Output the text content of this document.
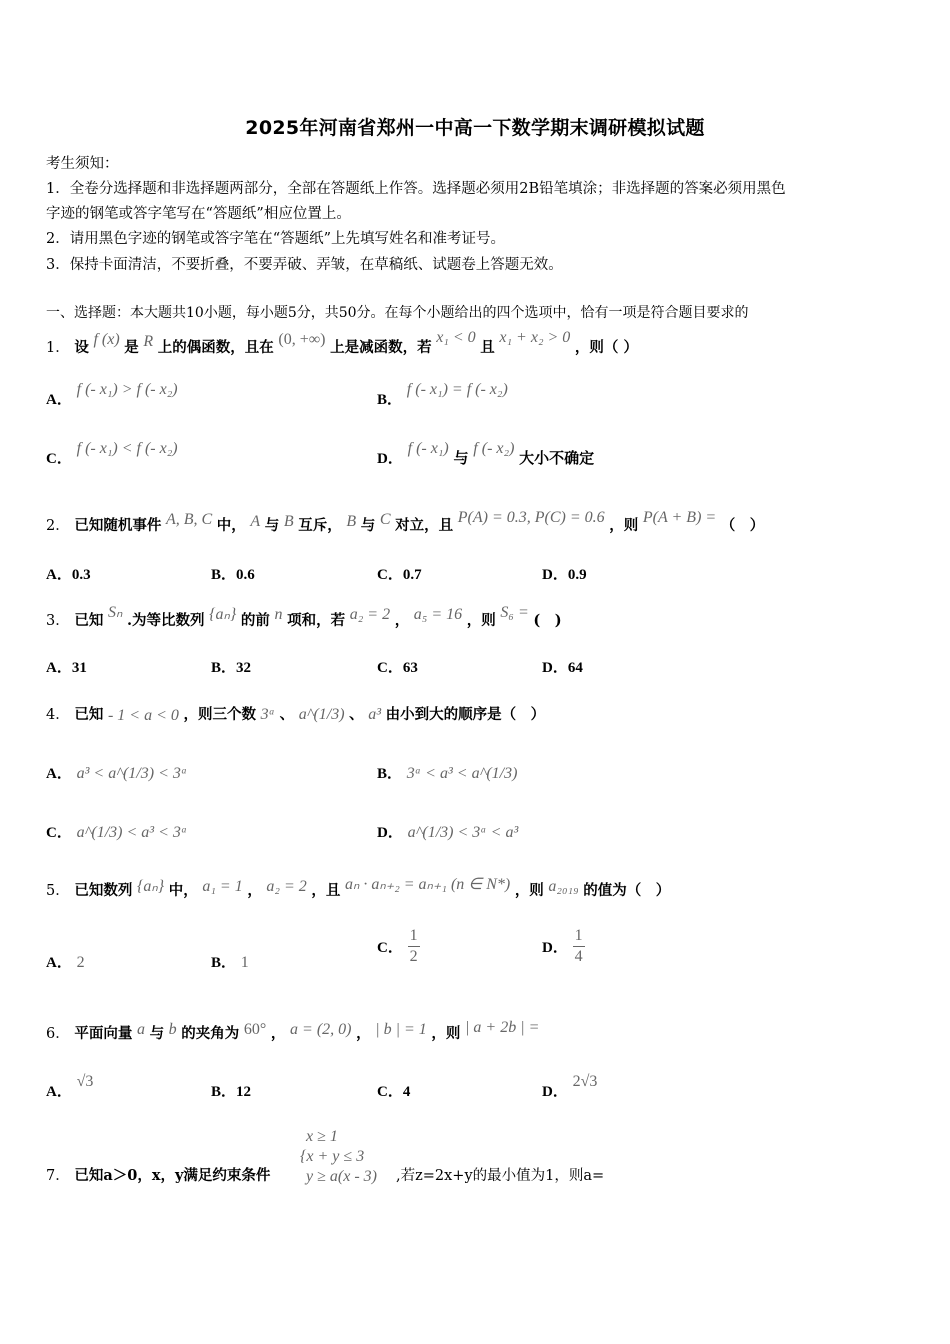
2025年河南省郑州一中高一下数学期末调研模拟试题
考生须知：
1．全卷分选择题和非选择题两部分，全部在答题纸上作答。选择题必须用2B铅笔填涂；非选择题的答案必须用黑色
字迹的钢笔或答字笔写在“答题纸”相应位置上。
2．请用黑色字迹的钢笔或答字笔在“答题纸”上先填写姓名和准考证号。
3．保持卡面清洁，不要折叠，不要弄破、弄皱，在草稿纸、试题卷上答题无效。
一、选择题：本大题共10小题，每小题5分，共50分。在每个小题给出的四个选项中，恰有一项是符合题目要求的
1． 设 f (x) 是 R 上的偶函数，且在 (0, +∞) 上是减函数，若 x₁ < 0 且 x₁ + x₂ > 0 ，则（ ）
A． f (- x₁) > f (- x₂)
B． f (- x₁) = f (- x₂)
C． f (- x₁) < f (- x₂)
D． f (- x₁) 与 f (- x₂) 大小不确定
2． 已知随机事件 A, B, C 中， A 与 B 互斥， B 与 C 对立，且 P(A) = 0.3, P(C) = 0.6 ，则 P(A + B) = （　）
A．0.3	B．0.6	C．0.7	D．0.9
3． 已知 Sₙ .为等比数列 {aₙ} 的前 n 项和，若 a₂ = 2 ， a₅ = 16 ，则 S₆ = (　)
A．31	B．32	C．63	D．64
4． 已知 - 1 < a < 0 ，则三个数 3ᵃ 、 a^(1/3) 、 a³ 由小到大的顺序是（　）
A． a³ < a^(1/3) < 3ᵃ	B． 3ᵃ < a³ < a^(1/3)
C． a^(1/3) < a³ < 3ᵃ	D． a^(1/3) < 3ᵃ < a³
5． 已知数列 {aₙ} 中， a₁ = 1 ， a₂ = 2 ，且 aₙ · aₙ₊₂ = aₙ₊₁ (n ∈ N*) ，则 a₂₀₁₉ 的值为（　）
A． 2	B． 1
C． $\frac{1}{2}$	D． $\frac{1}{4}$
6． 平面向量 a 与 b 的夹角为 60° ， a = (2, 0) ， | b | = 1 ，则 | a + 2b | =
A． √3
B．12	C．4	D． 2√3
7． 已知a＞0，x，y满足约束条件
x ≥ 1
{x + y ≤ 3
y ≥ a(x - 3) ,若z=2x+y的最小值为1，则a=
